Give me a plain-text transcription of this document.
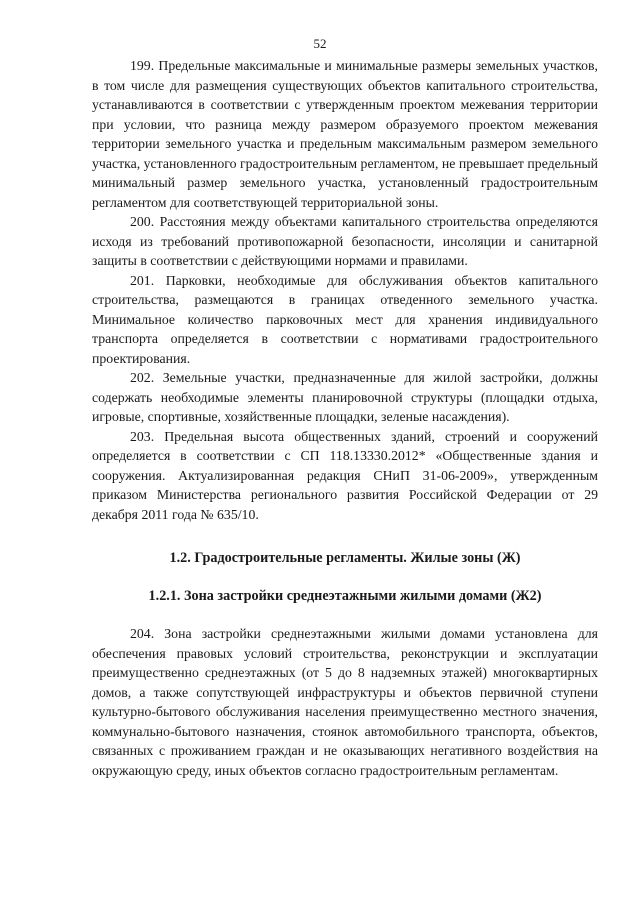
52

199. Предельные максимальные и минимальные размеры земельных участков, в том числе для размещения существующих объектов капитального строительства, устанавливаются в соответствии с утвержденным проектом межевания территории при условии, что разница между размером образуемого проектом межевания территории земельного участка и предельным максимальным размером земельного участка, установленного градостроительным регламентом, не превышает предельный минимальный размер земельного участка, установленный градостроительным регламентом для соответствующей территориальной зоны.

200. Расстояния между объектами капитального строительства определяются исходя из требований противопожарной безопасности, инсоляции и санитарной защиты в соответствии с действующими нормами и правилами.

201. Парковки, необходимые для обслуживания объектов капитального строительства, размещаются в границах отведенного земельного участка. Минимальное количество парковочных мест для хранения индивидуального транспорта определяется в соответствии с нормативами градостроительного проектирования.

202. Земельные участки, предназначенные для жилой застройки, должны содержать необходимые элементы планировочной структуры (площадки отдыха, игровые, спортивные, хозяйственные площадки, зеленые насаждения).

203. Предельная высота общественных зданий, строений и сооружений определяется в соответствии с СП 118.13330.2012* «Общественные здания и сооружения. Актуализированная редакция СНиП 31-06-2009», утвержденным приказом Министерства регионального развития Российской Федерации от 29 декабря 2011 года № 635/10.

1.2. Градостроительные регламенты. Жилые зоны (Ж)
1.2.1. Зона застройки среднеэтажными жилыми домами (Ж2)

204. Зона застройки среднеэтажными жилыми домами установлена для обеспечения правовых условий строительства, реконструкции и эксплуатации преимущественно среднеэтажных (от 5 до 8 надземных этажей) многоквартирных домов, а также сопутствующей инфраструктуры и объектов первичной ступени культурно-бытового обслуживания населения преимущественно местного значения, коммунально-бытового назначения, стоянок автомобильного транспорта, объектов, связанных с проживанием граждан и не оказывающих негативного воздействия на окружающую среду, иных объектов согласно градостроительным регламентам.
